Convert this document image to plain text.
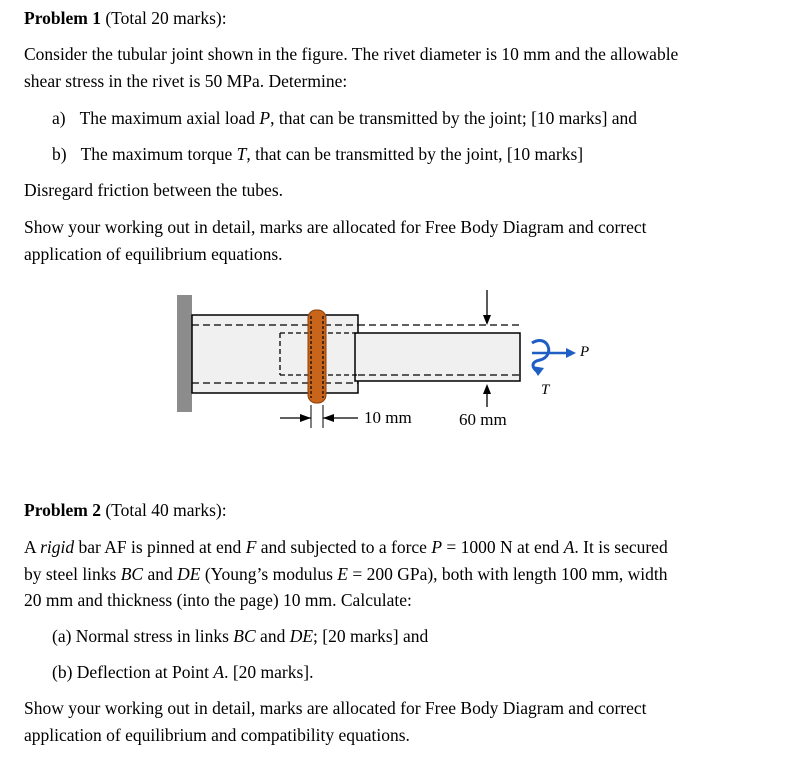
Problem 1 (Total 20 marks):
Consider the tubular joint shown in the figure. The rivet diameter is 10 mm and the allowable
shear stress in the rivet is 50 MPa. Determine:
a) The maximum axial load P, that can be transmitted by the joint; [10 marks] and
b) The maximum torque T, that can be transmitted by the joint, [10 marks]
Disregard friction between the tubes.
Show your working out in detail, marks are allocated for Free Body Diagram and correct
application of equilibrium equations.
10 mm	60 mm
P
T
Problem 2 (Total 40 marks):
A rigid bar AF is pinned at end F and subjected to a force P = 1000 N at end A. It is secured
by steel links BC and DE (Young’s modulus E = 200 GPa), both with length 100 mm, width
20 mm and thickness (into the page) 10 mm. Calculate:
(a) Normal stress in links BC and DE; [20 marks] and
(b) Deflection at Point A. [20 marks].
Show your working out in detail, marks are allocated for Free Body Diagram and correct
application of equilibrium and compatibility equations.
